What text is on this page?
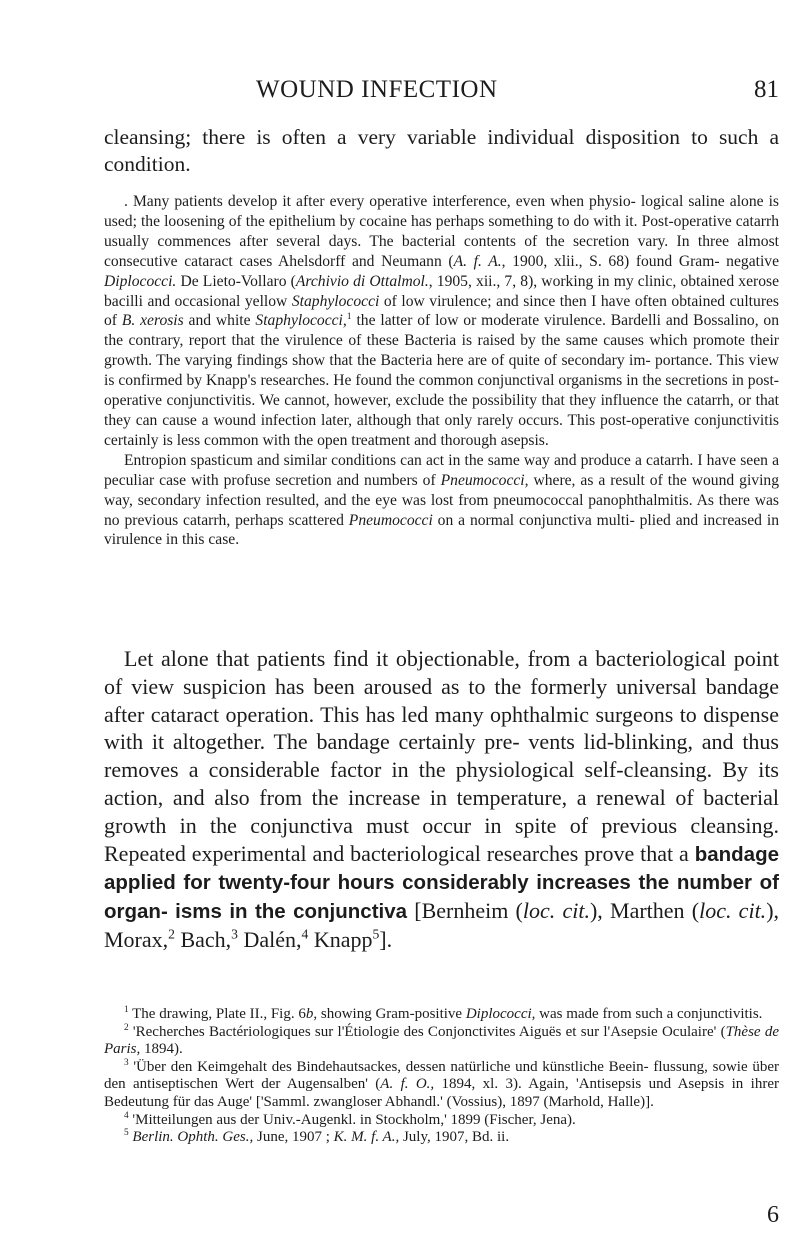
WOUND INFECTION	81
cleansing; there is often a very variable individual disposition to such a condition.

. Many patients develop it after every operative interference, even when physio- logical saline alone is used; the loosening of the epithelium by cocaine has perhaps something to do with it. Post-operative catarrh usually commences after several days. The bacterial contents of the secretion vary. In three almost consecutive cataract cases Ahelsdorff and Neumann (A. f. A., 1900, xlii., S. 68) found Gram- negative Diplococci. De Lieto-Vollaro (Archivio di Ottalmol., 1905, xii., 7, 8), working in my clinic, obtained xerose bacilli and occasional yellow Staphylococci of low virulence; and since then I have often obtained cultures of B. xerosis and white Staphylococci,$^1$ the latter of low or moderate virulence. Bardelli and Bossalino, on the contrary, report that the virulence of these Bacteria is raised by the same causes which promote their growth. The varying findings show that the Bacteria here are of quite of secondary im- portance. This view is confirmed by Knapp's researches. He found the common conjunctival organisms in the secretions in post-operative conjunctivitis. We cannot, however, exclude the possibility that they influence the catarrh, or that they can cause a wound infection later, although that only rarely occurs. This post-operative conjunctivitis certainly is less common with the open treatment and thorough asepsis.

Entropion spasticum and similar conditions can act in the same way and produce a catarrh. I have seen a peculiar case with profuse secretion and numbers of Pneumococci, where, as a result of the wound giving way, secondary infection resulted, and the eye was lost from pneumococcal panophthalmitis. As there was no previous catarrh, perhaps scattered Pneumococci on a normal conjunctiva multi- plied and increased in virulence in this case.

Let alone that patients find it objectionable, from a bacteriological point of view suspicion has been aroused as to the formerly universal bandage after cataract operation. This has led many ophthalmic surgeons to dispense with it altogether. The bandage certainly pre- vents lid-blinking, and thus removes a considerable factor in the physiological self-cleansing. By its action, and also from the increase in temperature, a renewal of bacterial growth in the conjunctiva must occur in spite of previous cleansing. Repeated experimental and bacteriological researches prove that a bandage applied for twenty-four hours considerably increases the number of organ- isms in the conjunctiva [Bernheim (loc. cit.), Marthen (loc. cit.), Morax,$^2$ Bach,$^3$ Dalén,$^4$ Knapp$^5$].

$^1$ The drawing, Plate II., Fig. 6b, showing Gram-positive Diplococci, was made from such a conjunctivitis.

$^2$ 'Recherches Bactériologiques sur l'Étiologie des Conjonctivites Aiguës et sur l'Asepsie Oculaire' (Thèse de Paris, 1894).

$^3$ 'Über den Keimgehalt des Bindehautsackes, dessen natürliche und künstliche Beein- flussung, sowie über den antiseptischen Wert der Augensalben' (A. f. O., 1894, xl. 3). Again, 'Antisepsis und Asepsis in ihrer Bedeutung für das Auge' ['Samml. zwangloser Abhandl.' (Vossius), 1897 (Marhold, Halle)].

$^4$ 'Mitteilungen aus der Univ.-Augenkl. in Stockholm,' 1899 (Fischer, Jena).

$^5$ Berlin. Ophth. Ges., June, 1907 ; K. M. f. A., July, 1907, Bd. ii.

6
